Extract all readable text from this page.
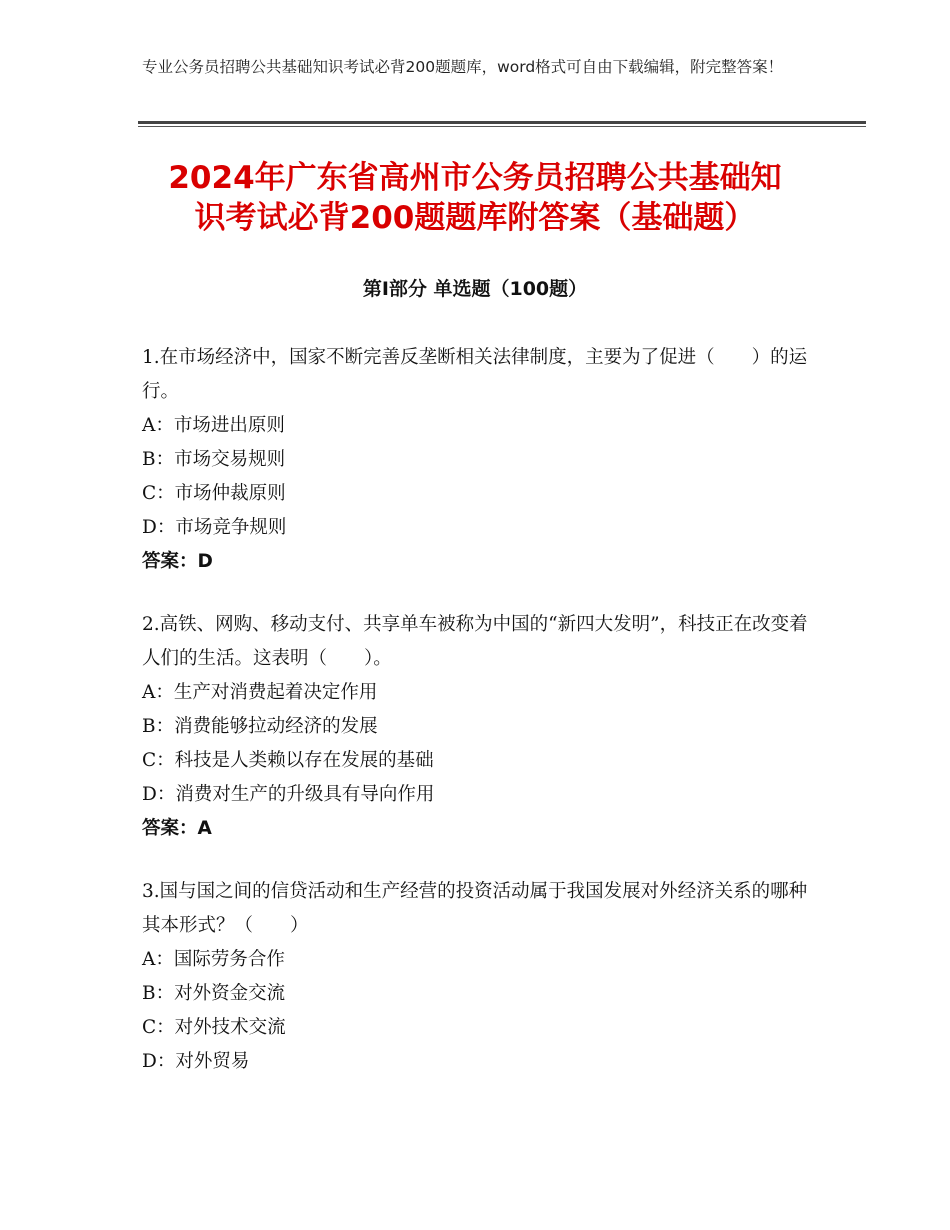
专业公务员招聘公共基础知识考试必背200题题库，word格式可自由下载编辑，附完整答案！
2024年广东省高州市公务员招聘公共基础知
识考试必背200题题库附答案（基础题）
第Ⅰ部分 单选题（100题）

1.在市场经济中，国家不断完善反垄断相关法律制度，主要为了促进（　　）的运行。

A：市场进出原则

B：市场交易规则

C：市场仲裁原则

D：市场竞争规则

答案：D

2.高铁、网购、移动支付、共享单车被称为中国的“新四大发明”，科技正在改变着人们的生活。这表明（　　）。

A：生产对消费起着决定作用

B：消费能够拉动经济的发展

C：科技是人类赖以存在发展的基础

D：消费对生产的升级具有导向作用

答案：A

3.国与国之间的信贷活动和生产经营的投资活动属于我国发展对外经济关系的哪种其本形式？（　　）

A：国际劳务合作

B：对外资金交流

C：对外技术交流

D：对外贸易
